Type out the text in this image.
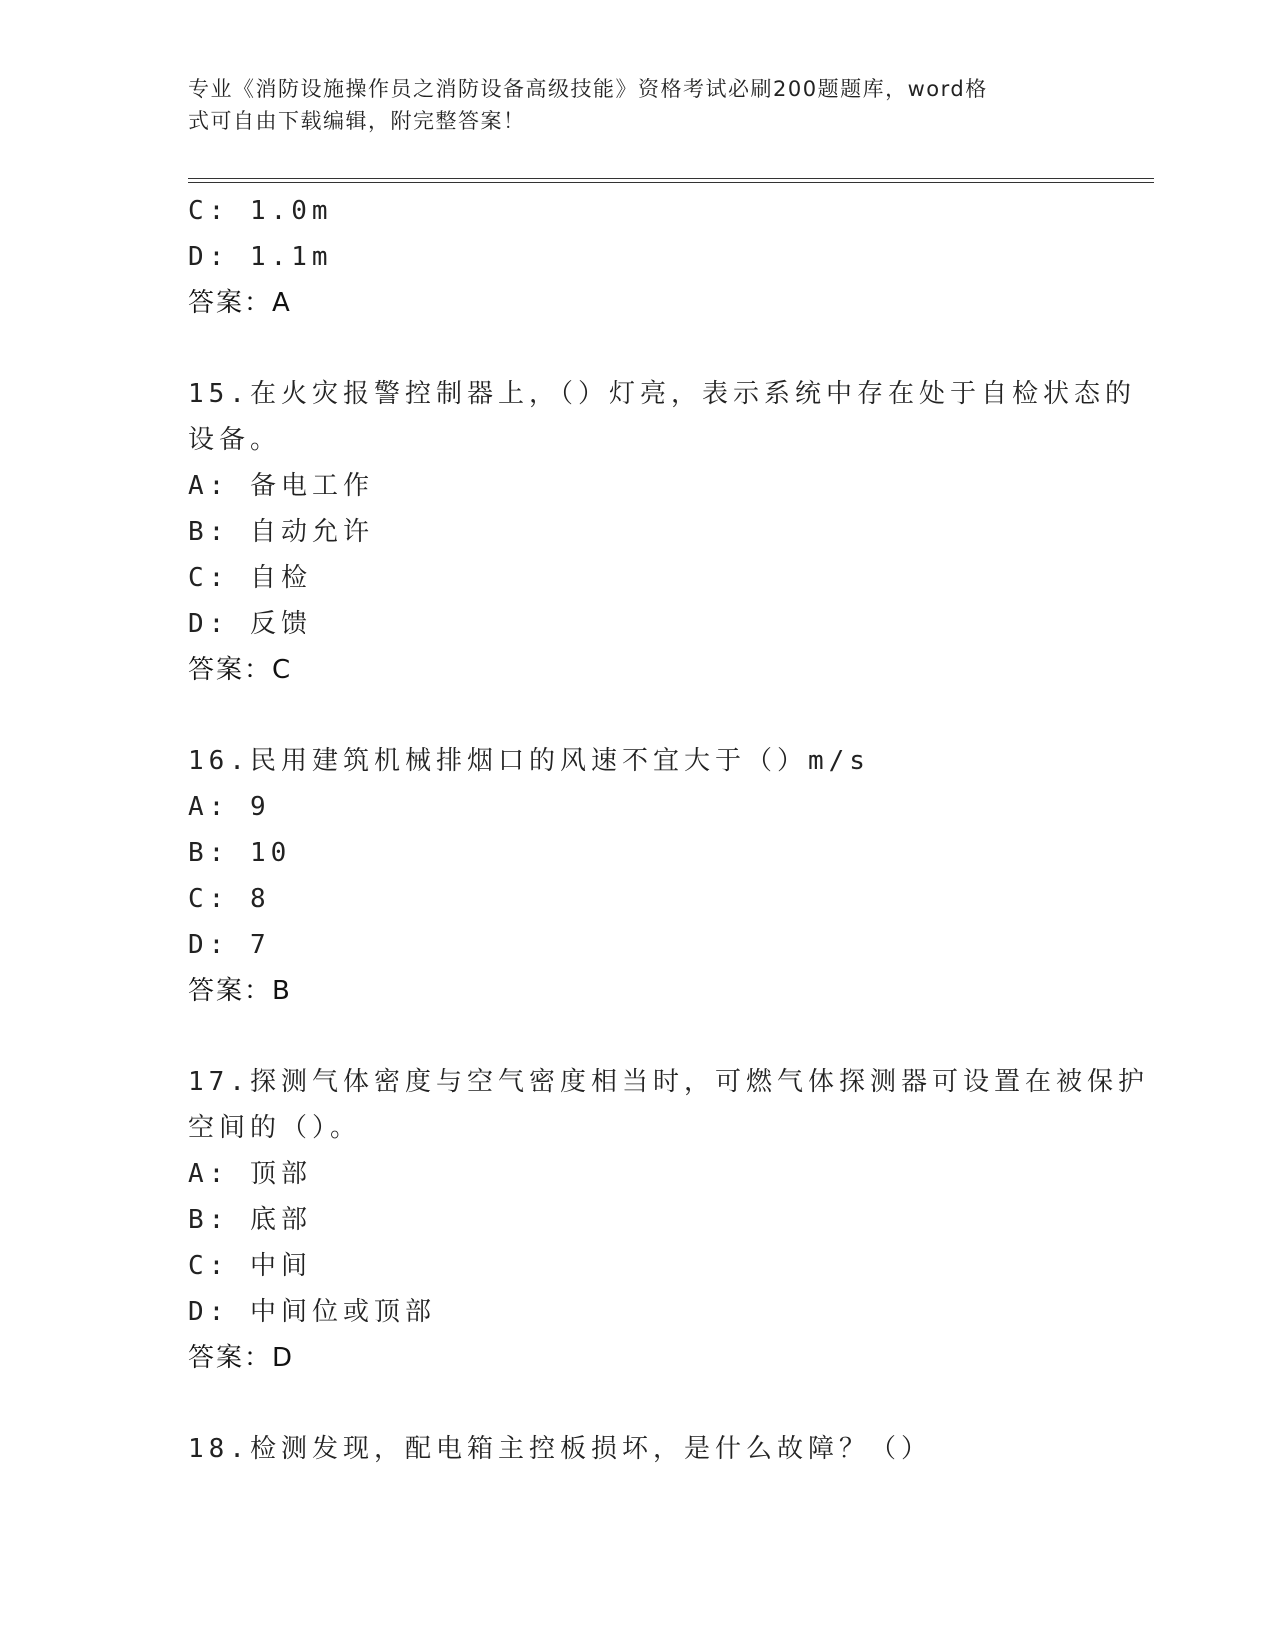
专业《消防设施操作员之消防设备高级技能》资格考试必刷200题题库，word格
式可自由下载编辑，附完整答案！
C: 1.0m
D: 1.1m
答案：A
15.在火灾报警控制器上，（）灯亮，表示系统中存在处于自检状态的
设备。
A: 备电工作
B: 自动允许
C: 自检
D: 反馈
答案：C
16.民用建筑机械排烟口的风速不宜大于（）m/s
A: 9
B: 10
C: 8
D: 7
答案：B
17.探测气体密度与空气密度相当时，可燃气体探测器可设置在被保护
空间的（）。
A: 顶部
B: 底部
C: 中间
D: 中间位或顶部
答案：D
18.检测发现，配电箱主控板损坏，是什么故障？（）
